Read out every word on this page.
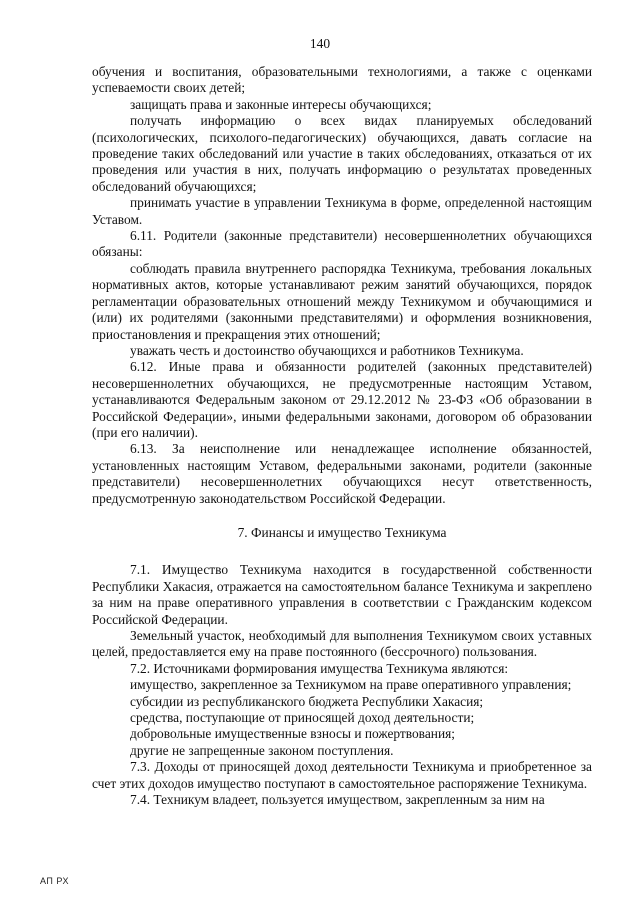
140

обучения и воспитания, образовательными технологиями, а также с оценками успеваемости своих детей;

защищать права и законные интересы обучающихся;

получать информацию о всех видах планируемых обследований (психологических, психолого-педагогических) обучающихся, давать согласие на проведение таких обследований или участие в таких обследованиях, отказаться от их проведения или участия в них, получать информацию о результатах проведенных обследований обучающихся;

принимать участие в управлении Техникума в форме, определенной настоящим Уставом.

6.11. Родители (законные представители) несовершеннолетних обучающихся обязаны:

соблюдать правила внутреннего распорядка Техникума, требования локальных нормативных актов, которые устанавливают режим занятий обучающихся, порядок регламентации образовательных отношений между Техникумом и обучающимися и (или) их родителями (законными представителями) и оформления возникновения, приостановления и прекращения этих отношений;

уважать честь и достоинство обучающихся и работников Техникума.

6.12. Иные права и обязанности родителей (законных представителей) несовершеннолетних обучающихся, не предусмотренные настоящим Уставом, устанавливаются Федеральным законом от 29.12.2012 № 23-ФЗ «Об образовании в Российской Федерации», иными федеральными законами, договором об образовании (при его наличии).

6.13. За неисполнение или ненадлежащее исполнение обязанностей, установленных настоящим Уставом, федеральными законами, родители (законные представители) несовершеннолетних обучающихся несут ответственность, предусмотренную законодательством Российской Федерации.

7. Финансы и имущество Техникума

7.1. Имущество Техникума находится в государственной собственности Республики Хакасия, отражается на самостоятельном балансе Техникума и закреплено за ним на праве оперативного управления в соответствии с Гражданским кодексом Российской Федерации.

Земельный участок, необходимый для выполнения Техникумом своих уставных целей, предоставляется ему на праве постоянного (бессрочного) пользования.

7.2. Источниками формирования имущества Техникума являются:

имущество, закрепленное за Техникумом на праве оперативного управления;

субсидии из республиканского бюджета Республики Хакасия;

средства, поступающие от приносящей доход деятельности;

добровольные имущественные взносы и пожертвования;

другие не запрещенные законом поступления.

7.3. Доходы от приносящей доход деятельности Техникума и приобретенное за счет этих доходов имущество поступают в самостоятельное распоряжение Техникума.

7.4. Техникум владеет, пользуется имуществом, закрепленным за ним на

АП РХ
